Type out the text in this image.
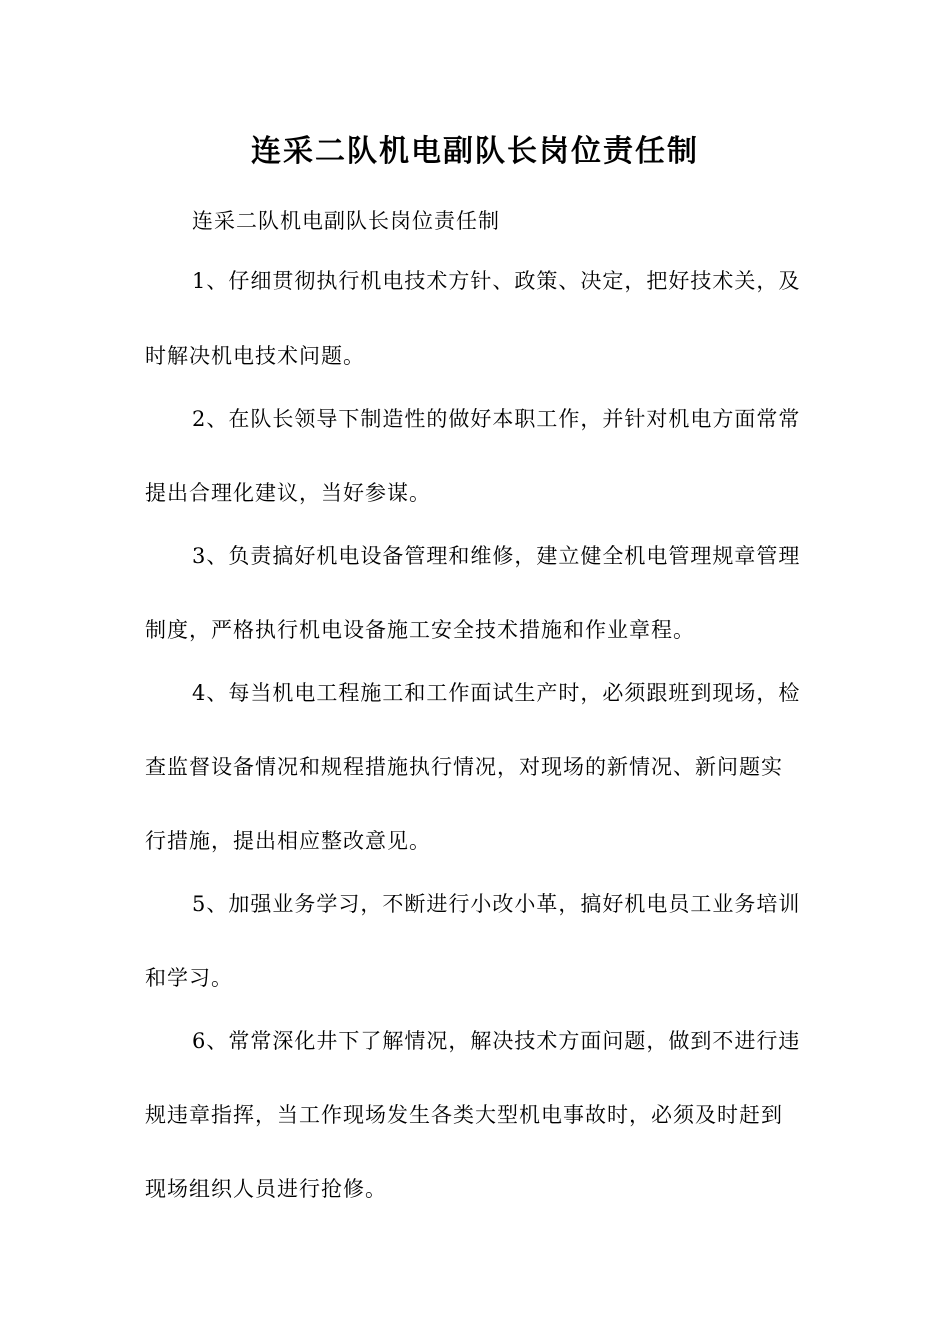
连采二队机电副队长岗位责任制
连采二队机电副队长岗位责任制
1、仔细贯彻执行机电技术方针、政策、决定，把好技术关，及
时解决机电技术问题。
2、在队长领导下制造性的做好本职工作，并针对机电方面常常
提出合理化建议，当好参谋。
3、负责搞好机电设备管理和维修，建立健全机电管理规章管理
制度，严格执行机电设备施工安全技术措施和作业章程。
4、每当机电工程施工和工作面试生产时，必须跟班到现场，检
查监督设备情况和规程措施执行情况，对现场的新情况、新问题实
行措施，提出相应整改意见。
5、加强业务学习，不断进行小改小革，搞好机电员工业务培训
和学习。
6、常常深化井下了解情况，解决技术方面问题，做到不进行违
规违章指挥，当工作现场发生各类大型机电事故时，必须及时赶到
现场组织人员进行抢修。
